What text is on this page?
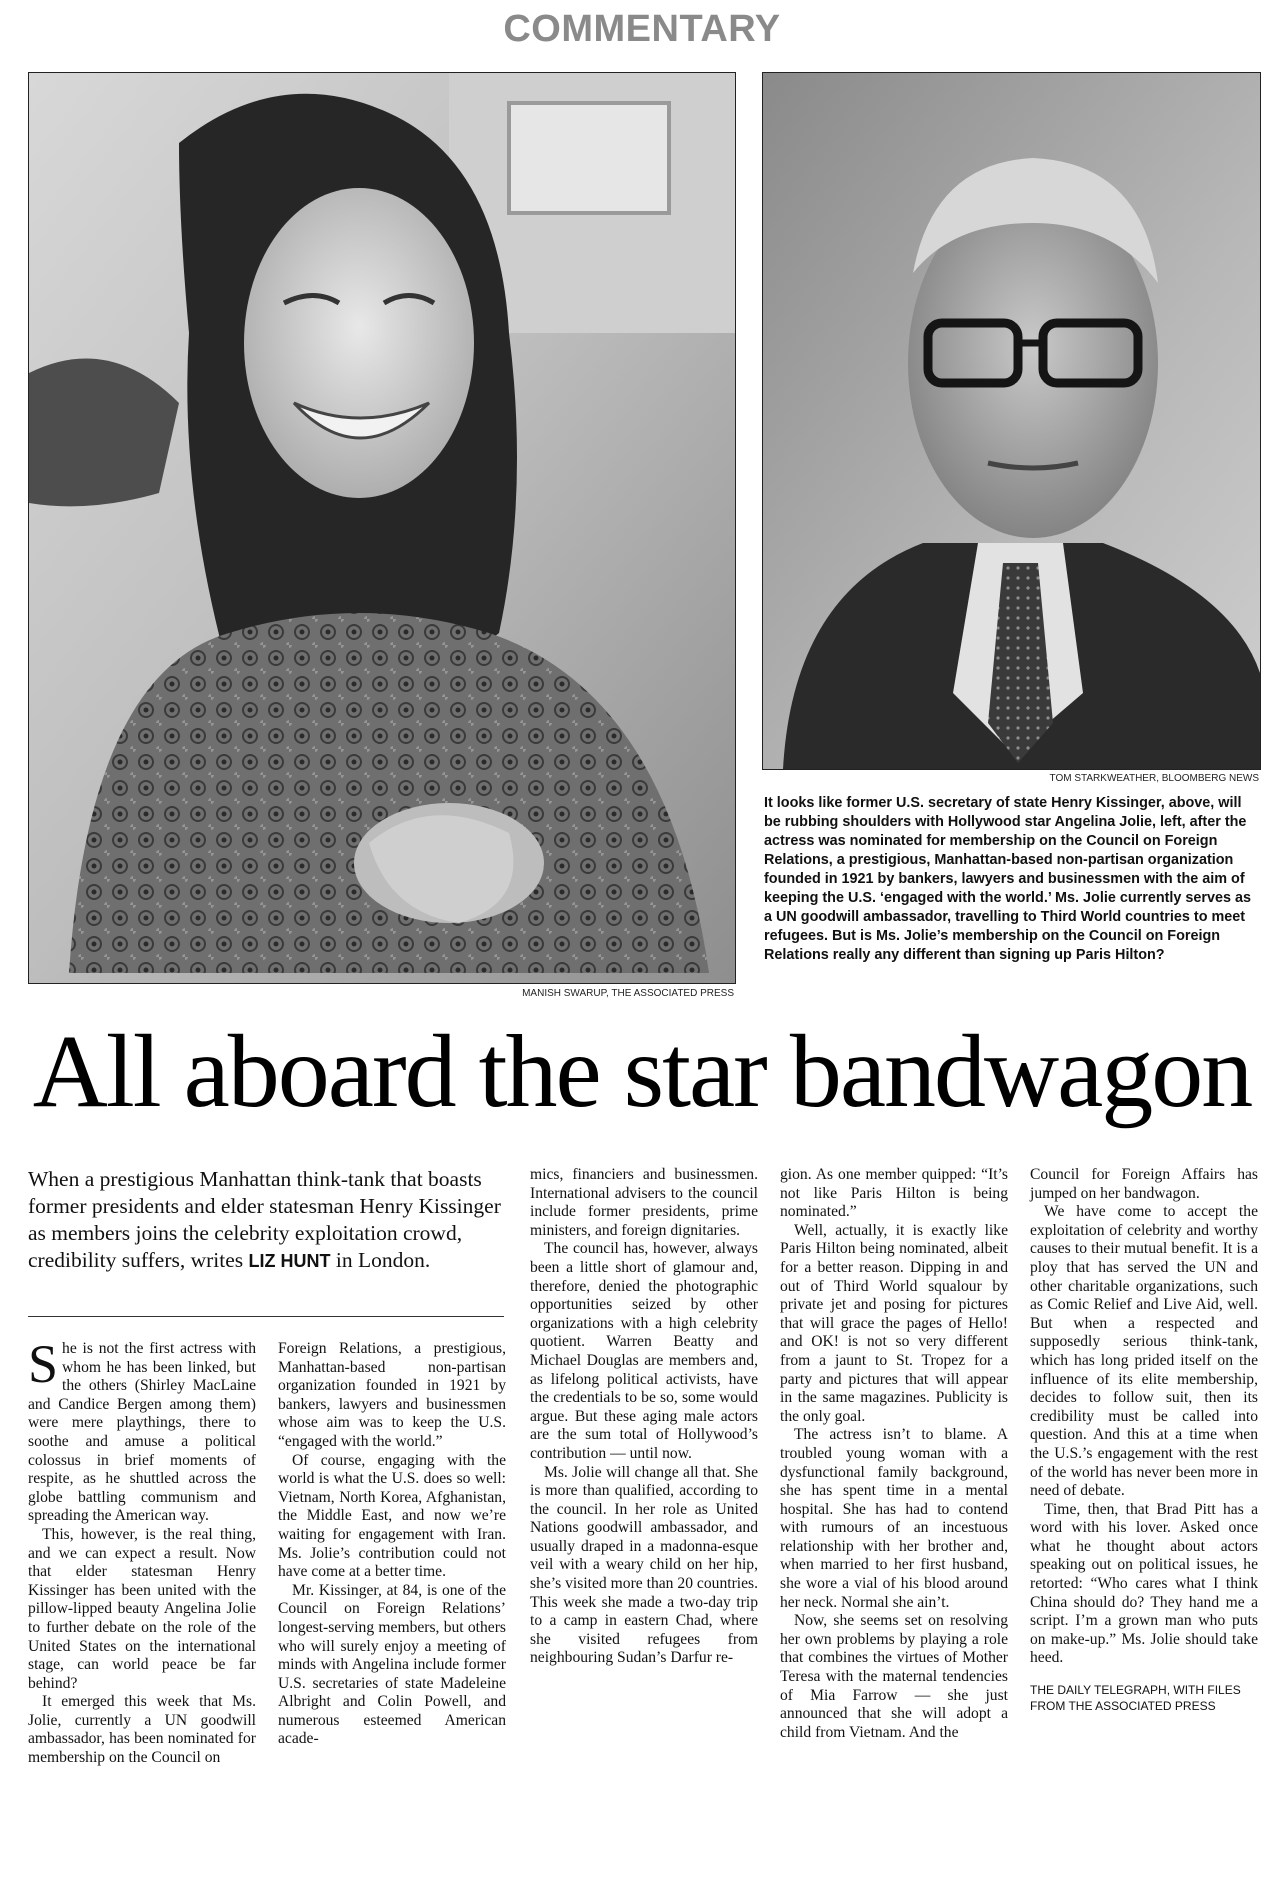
COMMENTARY
MANISH SWARUP, THE ASSOCIATED PRESS
TOM STARKWEATHER, BLOOMBERG NEWS
It looks like former U.S. secretary of state Henry Kissinger, above, will be rubbing shoulders with Hollywood star Angelina Jolie, left, after the actress was nominated for membership on the Council on Foreign Relations, a prestigious, Manhattan-based non-partisan organization founded in 1921 by bankers, lawyers and businessmen with the aim of keeping the U.S. ‘engaged with the world.’ Ms. Jolie currently serves as a UN goodwill ambassador, travelling to Third World countries to meet refugees. But is Ms. Jolie’s membership on the Council on Foreign Relations really any different than signing up Paris Hilton?
All aboard the star bandwagon
When a prestigious Manhattan think-tank that boasts former presidents and elder statesman Henry Kissinger as members joins the celebrity exploitation crowd, credibility suffers, writes LIZ HUNT in London.

She is not the first actress with whom he has been linked, but the others (Shirley MacLaine and Candice Bergen among them) were mere playthings, there to soothe and amuse a political colossus in brief moments of respite, as he shuttled across the globe battling communism and spreading the American way.

This, however, is the real thing, and we can expect a result. Now that elder statesman Henry Kissinger has been united with the pillow-lipped beauty Angelina Jolie to further debate on the role of the United States on the international stage, can world peace be far behind?

It emerged this week that Ms. Jolie, currently a UN goodwill ambassador, has been nominated for membership on the Council on

Foreign Relations, a prestigious, Manhattan-based non-partisan organization founded in 1921 by bankers, lawyers and businessmen whose aim was to keep the U.S. “engaged with the world.”

Of course, engaging with the world is what the U.S. does so well: Vietnam, North Korea, Afghanistan, the Middle East, and now we’re waiting for engagement with Iran. Ms. Jolie’s contribution could not have come at a better time.

Mr. Kissinger, at 84, is one of the Council on Foreign Relations’ longest-serving members, but others who will surely enjoy a meeting of minds with Angelina include former U.S. secretaries of state Madeleine Albright and Colin Powell, and numerous esteemed American acade-

mics, financiers and businessmen. International advisers to the council include former presidents, prime ministers, and foreign dignitaries.

The council has, however, always been a little short of glamour and, therefore, denied the photographic opportunities seized by other organizations with a high celebrity quotient. Warren Beatty and Michael Douglas are members and, as lifelong political activists, have the credentials to be so, some would argue. But these aging male actors are the sum total of Hollywood’s contribution — until now.

Ms. Jolie will change all that. She is more than qualified, according to the council. In her role as United Nations goodwill ambassador, and usually draped in a madonna-esque veil with a weary child on her hip, she’s visited more than 20 countries. This week she made a two-day trip to a camp in eastern Chad, where she visited refugees from neighbouring Sudan’s Darfur re-

gion. As one member quipped: “It’s not like Paris Hilton is being nominated.”

Well, actually, it is exactly like Paris Hilton being nominated, albeit for a better reason. Dipping in and out of Third World squalour by private jet and posing for pictures that will grace the pages of Hello! and OK! is not so very different from a jaunt to St. Tropez for a party and pictures that will appear in the same magazines. Publicity is the only goal.

The actress isn’t to blame. A troubled young woman with a dysfunctional family background, she has spent time in a mental hospital. She has had to contend with rumours of an incestuous relationship with her brother and, when married to her first husband, she wore a vial of his blood around her neck. Normal she ain’t.

Now, she seems set on resolving her own problems by playing a role that combines the virtues of Mother Teresa with the maternal tendencies of Mia Farrow — she just announced that she will adopt a child from Vietnam. And the

Council for Foreign Affairs has jumped on her bandwagon.

We have come to accept the exploitation of celebrity and worthy causes to their mutual benefit. It is a ploy that has served the UN and other charitable organizations, such as Comic Relief and Live Aid, well. But when a respected and supposedly serious think-tank, which has long prided itself on the influence of its elite membership, decides to follow suit, then its credibility must be called into question. And this at a time when the U.S.’s engagement with the rest of the world has never been more in need of debate.

Time, then, that Brad Pitt has a word with his lover. Asked once what he thought about actors speaking out on political issues, he retorted: “Who cares what I think China should do? They hand me a script. I’m a grown man who puts on make-up.” Ms. Jolie should take heed.

THE DAILY TELEGRAPH, WITH FILES FROM THE ASSOCIATED PRESS
